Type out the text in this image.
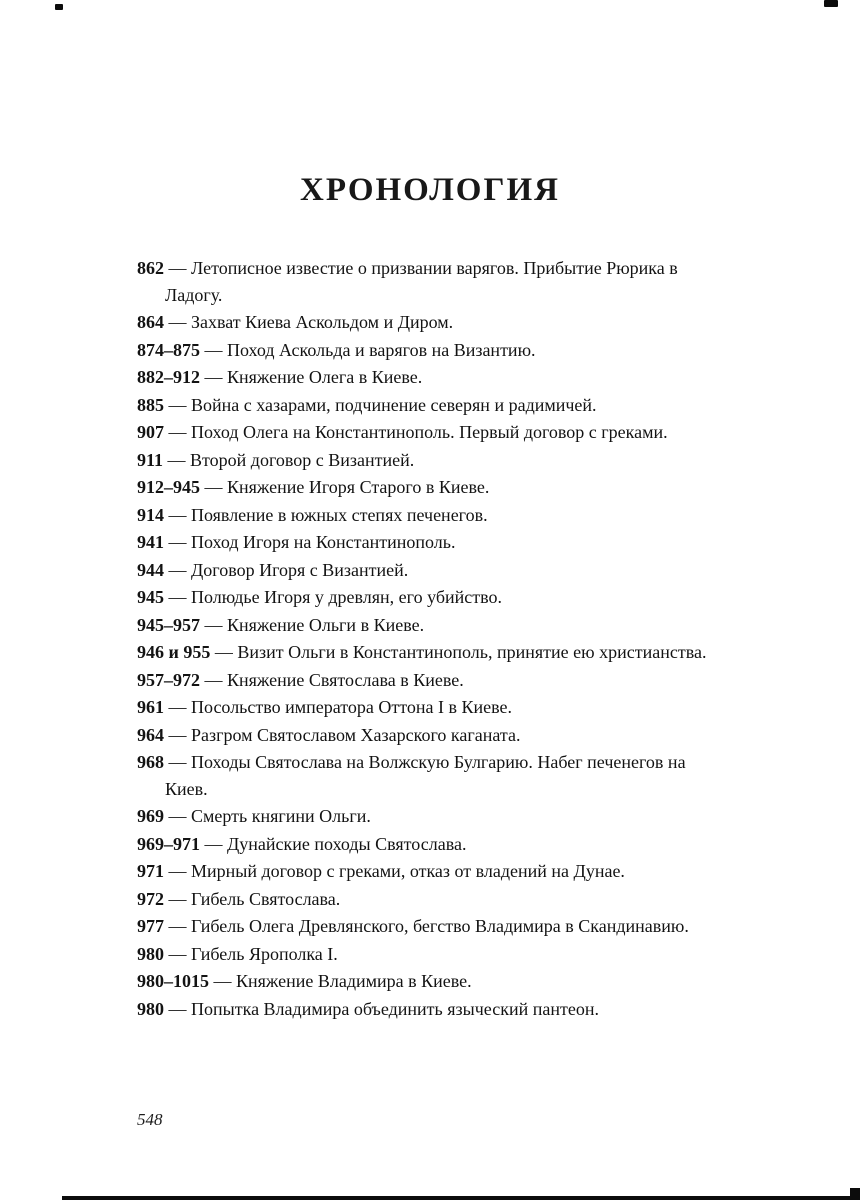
ХРОНОЛОГИЯ

862 — Летописное известие о призвании варягов. Прибытие Рюрика в Ладогу.

864 — Захват Киева Аскольдом и Диром.

874–875 — Поход Аскольда и варягов на Византию.

882–912 — Княжение Олега в Киеве.

885 — Война с хазарами, подчинение северян и радимичей.

907 — Поход Олега на Константинополь. Первый договор с греками.

911 — Второй договор с Византией.

912–945 — Княжение Игоря Старого в Киеве.

914 — Появление в южных степях печенегов.

941 — Поход Игоря на Константинополь.

944 — Договор Игоря с Византией.

945 — Полюдье Игоря у древлян, его убийство.

945–957 — Княжение Ольги в Киеве.

946 и 955 — Визит Ольги в Константинополь, принятие ею христианства.

957–972 — Княжение Святослава в Киеве.

961 — Посольство императора Оттона I в Киеве.

964 — Разгром Святославом Хазарского каганата.

968 — Походы Святослава на Волжскую Булгарию. Набег печенегов на Киев.

969 — Смерть княгини Ольги.

969–971 — Дунайские походы Святослава.

971 — Мирный договор с греками, отказ от владений на Дунае.

972 — Гибель Святослава.

977 — Гибель Олега Древлянского, бегство Владимира в Скандинавию.

980 — Гибель Ярополка I.

980–1015 — Княжение Владимира в Киеве.

980 — Попытка Владимира объединить языческий пантеон.

548
